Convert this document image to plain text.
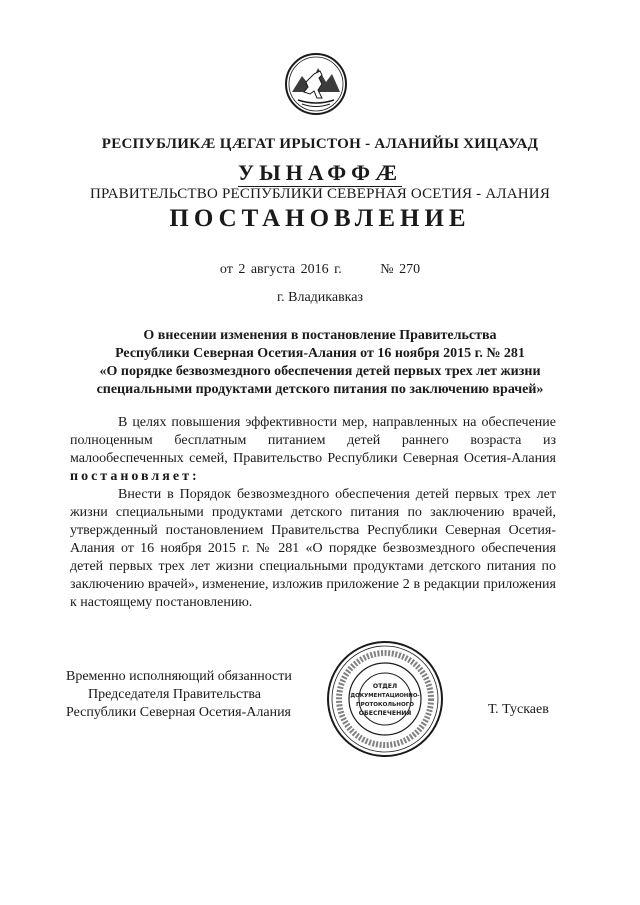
РЕСПУБЛИКӔ ЦӔГАТ ИРЫСТОН - АЛАНИЙЫ ХИЦАУАД
УЫНАФФӔ
ПРАВИТЕЛЬСТВО РЕСПУБЛИКИ СЕВЕРНАЯ ОСЕТИЯ - АЛАНИЯ
ПОСТАНОВЛЕНИЕ
от 2 августа 2016 г.	№ 270
г. Владикавказ
О внесении изменения в постановление Правительства
Республики Северная Осетия-Алания от 16 ноября 2015 г. № 281
«О порядке безвозмездного обеспечения детей первых трех лет жизни
специальными продуктами детского питания по заключению врачей»
В целях повышения эффективности мер, направленных на обеспечение полноценным бесплатным питанием детей раннего возраста из малообеспеченных семей, Правительство Республики Северная Осетия-Алания постановляет:
Внести в Порядок безвозмездного обеспечения детей первых трех лет жизни специальными продуктами детского питания по заключению врачей, утвержденный постановлением Правительства Республики Северная Осетия-Алания от 16 ноября 2015 г. № 281 «О порядке безвозмездного обеспечения детей первых трех лет жизни специальными продуктами детского питания по заключению врачей», изменение, изложив приложение 2 в редакции приложения к настоящему постановлению.
Временно исполняющий обязанности
Председателя Правительства
Республики Северная Осетия-Алания
ОТДЕЛ
ДОКУМЕНТАЦИОННО-
ПРОТОКОЛЬНОГО
ОБЕСПЕЧЕНИЯ	Т. Тускаев
